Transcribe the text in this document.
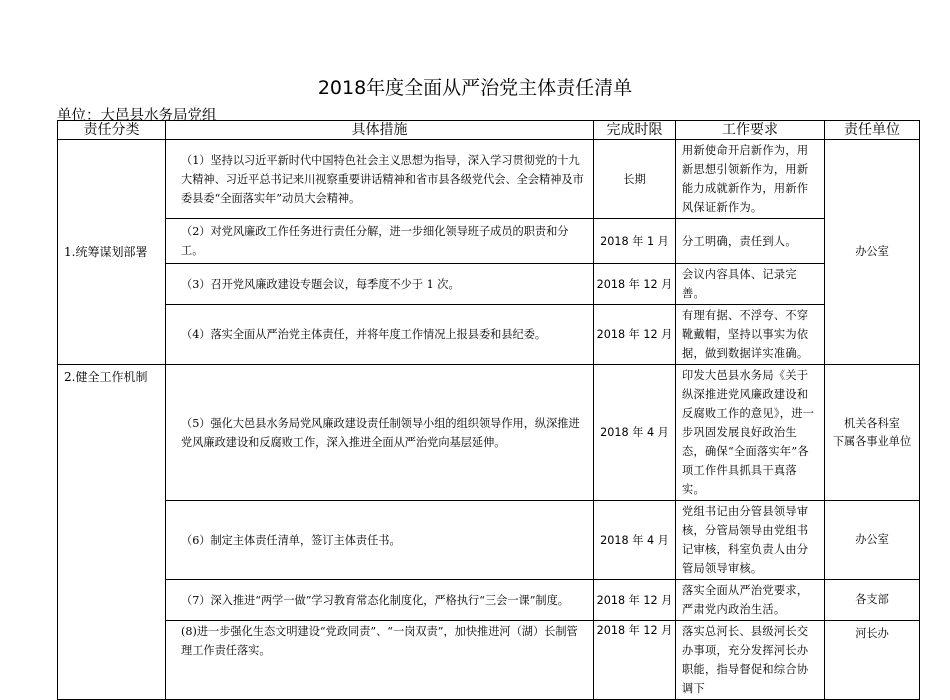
2018年度全面从严治党主体责任清单
单位：大邑县水务局党组
责任分类	具体措施	完成时限	工作要求	责任单位
1.统筹谋划部署	（1）坚持以习近平新时代中国特色社会主义思想为指导，深入学习贯彻党的十九大精神、习近平总书记来川视察重要讲话精神和省市县各级党代会、全会精神及市委县委“全面落实年”动员大会精神。	长期	用新使命开启新作为，用新思想引领新作为，用新能力成就新作为，用新作风保证新作为。	办公室
	（2）对党风廉政工作任务进行责任分解，进一步细化领导班子成员的职责和分工。	2018 年 1 月	分工明确，责任到人。	
	（3）召开党风廉政建设专题会议，每季度不少于 1 次。	2018 年 12 月	会议内容具体、记录完善。	
	（4）落实全面从严治党主体责任，并将年度工作情况上报县委和县纪委。	2018 年 12 月	有理有据、不浮夸、不穿靴戴帽，坚持以事实为依据，做到数据详实准确。	

2.健全工作机制	（5）强化大邑县水务局党风廉政建设责任制领导小组的组织领导作用，纵深推进党风廉政建设和反腐败工作，深入推进全面从严治党向基层延伸。	2018 年 4 月	印发大邑县水务局《关于纵深推进党风廉政建设和反腐败工作的意见》，进一步巩固发展良好政治生态，确保“全面落实年”各项工作件具抓具干真落实。	机关各科室
下属各事业单位

	（6）制定主体责任清单，签订主体责任书。	2018 年 4 月	党组书记由分管县领导审核，分管局领导由党组书记审核，科室负责人由分管局领导审核。	办公室
	（7）深入推进“两学一做”学习教育常态化制度化，严格执行“三会一课”制度。	2018 年 12 月	落实全面从严治党要求，严肃党内政治生活。	各支部
	(8)进一步强化生态文明建设“党政同责”、“一岗双责”，加快推进河（湖）长制管理工作责任落实。	2018 年 12 月	落实总河长、县级河长交办事项，充分发挥河长办职能，指导督促和综合协调下	河长办
